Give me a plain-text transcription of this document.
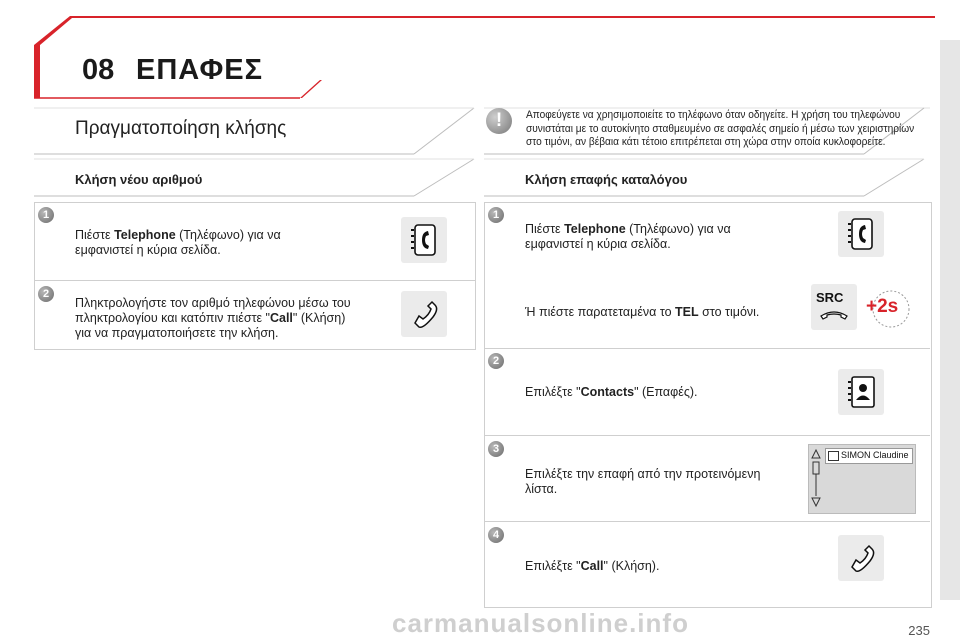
08 ΕΠΑΦΕΣ
Πραγματοποίηση κλήσης
Κλήση νέου αριθμού
1
Πιέστε Telephone (Τηλέφωνο) για να εμφανιστεί η κύρια σελίδα.
2
Πληκτρολογήστε τον αριθμό τηλεφώνου μέσω του πληκτρολογίου και κατόπιν πιέστε "Call" (Κλήση) για να πραγματοποιήσετε την κλήση.
!	Αποφεύγετε να χρησιμοποιείτε το τηλέφωνο όταν οδηγείτε. Η χρήση του τηλεφώνου συνιστάται με το αυτοκίνητο σταθμευμένο σε ασφαλές σημείο ή μέσω των χειριστηρίων στο τιμόνι, αν βέβαια κάτι τέτοιο επιτρέπεται στη χώρα στην οποία κυκλοφορείτε.
Κλήση επαφής καταλόγου
1
Πιέστε Telephone (Τηλέφωνο) για να εμφανιστεί η κύρια σελίδα.
Ή πιέστε παρατεταμένα το TEL στο τιμόνι.
SRC +2s
2
Επιλέξτε "Contacts" (Επαφές).
3
Επιλέξτε την επαφή από την προτεινόμενη λίστα.
SIMON Claudine
4
Επιλέξτε "Call" (Κλήση).
carmanualsonline.info	235
